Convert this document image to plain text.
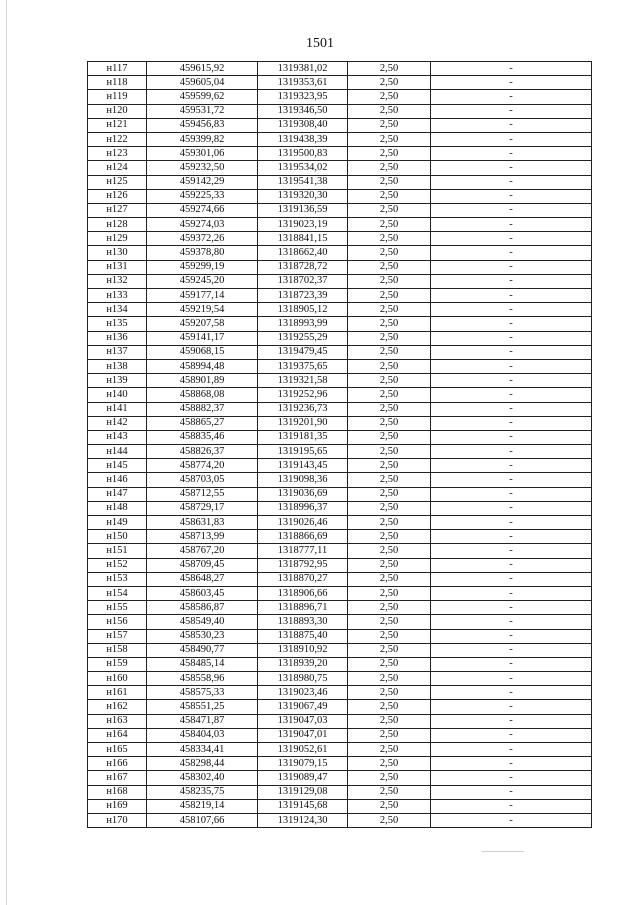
1501
н117	459615,92	1319381,02	2,50	-
н118	459605,04	1319353,61	2,50	-
н119	459599,62	1319323,95	2,50	-
н120	459531,72	1319346,50	2,50	-
н121	459456,83	1319308,40	2,50	-
н122	459399,82	1319438,39	2,50	-
н123	459301,06	1319500,83	2,50	-
н124	459232,50	1319534,02	2,50	-
н125	459142,29	1319541,38	2,50	-
н126	459225,33	1319320,30	2,50	-
н127	459274,66	1319136,59	2,50	-
н128	459274,03	1319023,19	2,50	-
н129	459372,26	1318841,15	2,50	-
н130	459378,80	1318662,40	2,50	-
н131	459299,19	1318728,72	2,50	-
н132	459245,20	1318702,37	2,50	-
н133	459177,14	1318723,39	2,50	-
н134	459219,54	1318905,12	2,50	-
н135	459207,58	1318993,99	2,50	-
н136	459141,17	1319255,29	2,50	-
н137	459068,15	1319479,45	2,50	-
н138	458994,48	1319375,65	2,50	-
н139	458901,89	1319321,58	2,50	-
н140	458868,08	1319252,96	2,50	-
н141	458882,37	1319236,73	2,50	-
н142	458865,27	1319201,90	2,50	-
н143	458835,46	1319181,35	2,50	-
н144	458826,37	1319195,65	2,50	-
н145	458774,20	1319143,45	2,50	-
н146	458703,05	1319098,36	2,50	-
н147	458712,55	1319036,69	2,50	-
н148	458729,17	1318996,37	2,50	-
н149	458631,83	1319026,46	2,50	-
н150	458713,99	1318866,69	2,50	-
н151	458767,20	1318777,11	2,50	-
н152	458709,45	1318792,95	2,50	-
н153	458648,27	1318870,27	2,50	-
н154	458603,45	1318906,66	2,50	-
н155	458586,87	1318896,71	2,50	-
н156	458549,40	1318893,30	2,50	-
н157	458530,23	1318875,40	2,50	-
н158	458490,77	1318910,92	2,50	-
н159	458485,14	1318939,20	2,50	-
н160	458558,96	1318980,75	2,50	-
н161	458575,33	1319023,46	2,50	-
н162	458551,25	1319067,49	2,50	-
н163	458471,87	1319047,03	2,50	-
н164	458404,03	1319047,01	2,50	-
н165	458334,41	1319052,61	2,50	-
н166	458298,44	1319079,15	2,50	-
н167	458302,40	1319089,47	2,50	-
н168	458235,75	1319129,08	2,50	-
н169	458219,14	1319145,68	2,50	-
н170	458107,66	1319124,30	2,50	-
